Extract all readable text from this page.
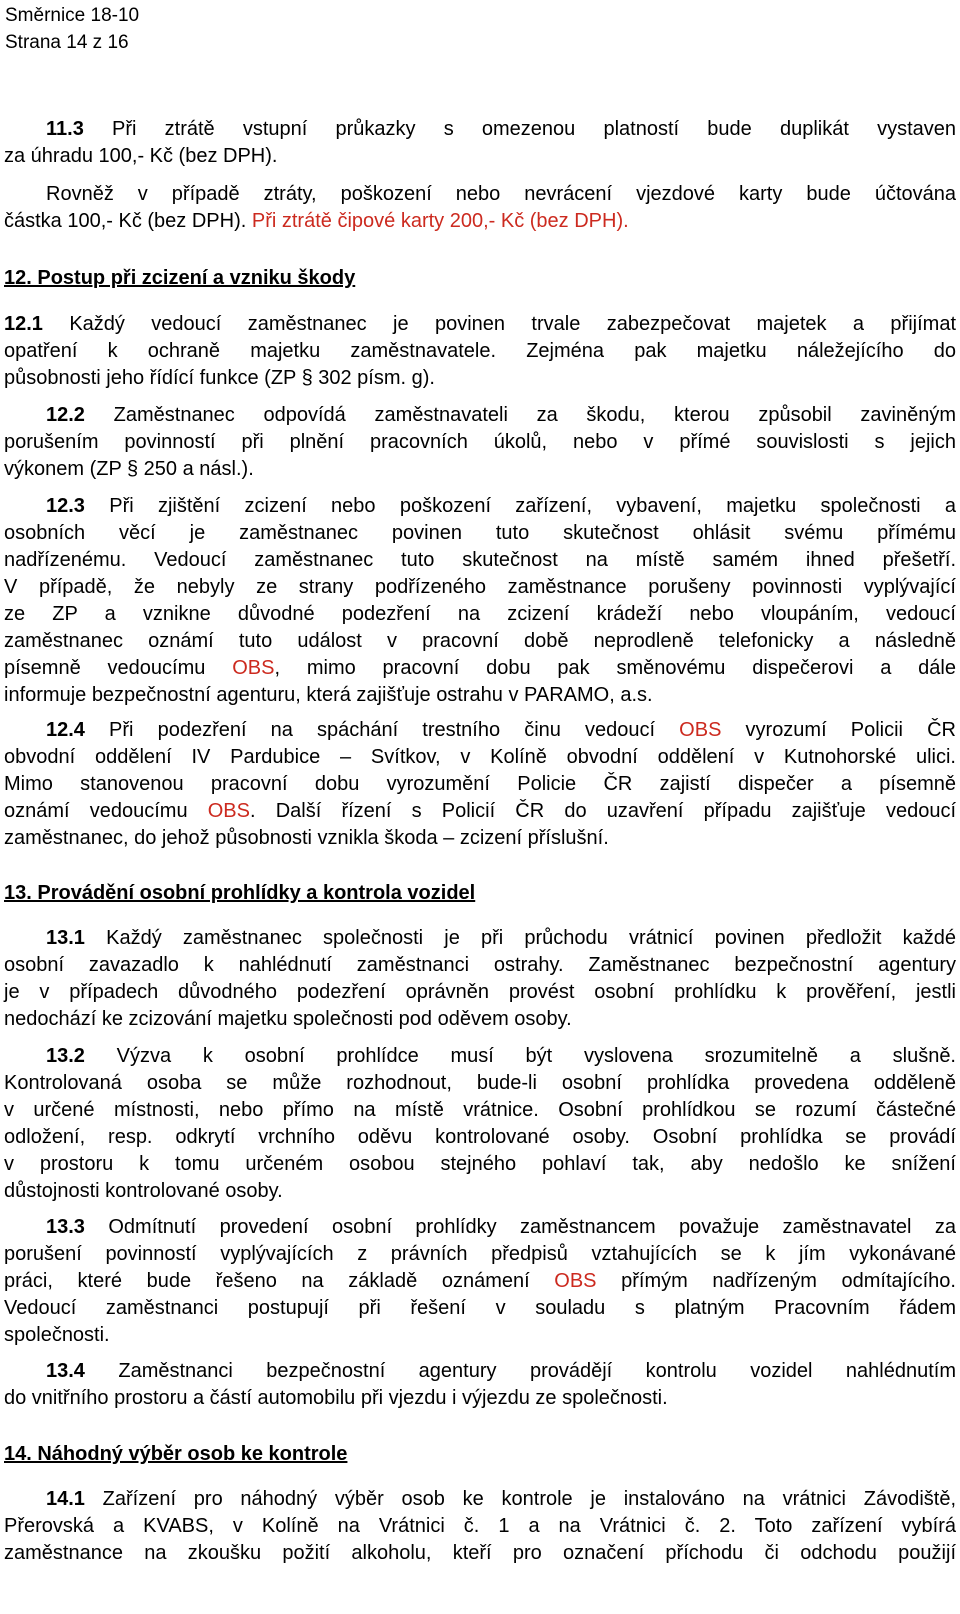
Směrnice 18-10
Strana 14 z 16
11.3 Při ztrátě vstupní průkazky s omezenou platností bude duplikát vystaven
za úhradu 100,- Kč (bez DPH).
Rovněž v případě ztráty, poškození nebo nevrácení vjezdové karty bude účtována
částka 100,- Kč (bez DPH). Při ztrátě čipové karty 200,- Kč (bez DPH).
12. Postup při zcizení a vzniku škody
12.1 Každý vedoucí zaměstnanec je povinen trvale zabezpečovat majetek a přijímat
opatření k ochraně majetku zaměstnavatele. Zejména pak majetku náležejícího do
působnosti jeho řídící funkce (ZP § 302 písm. g).
12.2 Zaměstnanec odpovídá zaměstnavateli za škodu, kterou způsobil zaviněným
porušením povinností při plnění pracovních úkolů, nebo v přímé souvislosti s jejich
výkonem (ZP § 250 a násl.).
12.3 Při zjištění zcizení nebo poškození zařízení, vybavení, majetku společnosti a
osobních věcí je zaměstnanec povinen tuto skutečnost ohlásit svému přímému
nadřízenému. Vedoucí zaměstnanec tuto skutečnost na místě samém ihned přešetří.
V případě, že nebyly ze strany podřízeného zaměstnance porušeny povinnosti vyplývající
ze ZP a vznikne důvodné podezření na zcizení krádeží nebo vloupáním, vedoucí
zaměstnanec oznámí tuto událost v pracovní době neprodleně telefonicky a následně
písemně vedoucímu OBS, mimo pracovní dobu pak směnovému dispečerovi a dále
informuje bezpečnostní agenturu, která zajišťuje ostrahu v PARAMO, a.s.
12.4 Při podezření na spáchání trestního činu vedoucí OBS vyrozumí Policii ČR
obvodní oddělení IV Pardubice – Svítkov, v Kolíně obvodní oddělení v Kutnohorské ulici.
Mimo stanovenou pracovní dobu vyrozumění Policie ČR zajistí dispečer a písemně
oznámí vedoucímu OBS. Další řízení s Policií ČR do uzavření případu zajišťuje vedoucí
zaměstnanec, do jehož působnosti vznikla škoda – zcizení příslušní.
13. Provádění osobní prohlídky a kontrola vozidel
13.1 Každý zaměstnanec společnosti je při průchodu vrátnicí povinen předložit každé
osobní zavazadlo k nahlédnutí zaměstnanci ostrahy. Zaměstnanec bezpečnostní agentury
je v případech důvodného podezření oprávněn provést osobní prohlídku k prověření, jestli
nedochází ke zcizování majetku společnosti pod oděvem osoby.
13.2 Výzva k osobní prohlídce musí být vyslovena srozumitelně a slušně.
Kontrolovaná osoba se může rozhodnout, bude-li osobní prohlídka provedena odděleně
v určené místnosti, nebo přímo na místě vrátnice. Osobní prohlídkou se rozumí částečné
odložení, resp. odkrytí vrchního oděvu kontrolované osoby. Osobní prohlídka se provádí
v prostoru k tomu určeném osobou stejného pohlaví tak, aby nedošlo ke snížení
důstojnosti kontrolované osoby.
13.3 Odmítnutí provedení osobní prohlídky zaměstnancem považuje zaměstnavatel za
porušení povinností vyplývajících z právních předpisů vztahujících se k jím vykonávané
práci, které bude řešeno na základě oznámení OBS přímým nadřízeným odmítajícího.
Vedoucí zaměstnanci postupují při řešení v souladu s platným Pracovním řádem
společnosti.
13.4 Zaměstnanci bezpečnostní agentury provádějí kontrolu vozidel nahlédnutím
do vnitřního prostoru a částí automobilu při vjezdu i výjezdu ze společnosti.
14. Náhodný výběr osob ke kontrole
14.1 Zařízení pro náhodný výběr osob ke kontrole je instalováno na vrátnici Závodiště,
Přerovská a KVABS, v Kolíně na Vrátnici č. 1 a na Vrátnici č. 2. Toto zařízení vybírá
zaměstnance na zkoušku požití alkoholu, kteří pro označení příchodu či odchodu použijí
